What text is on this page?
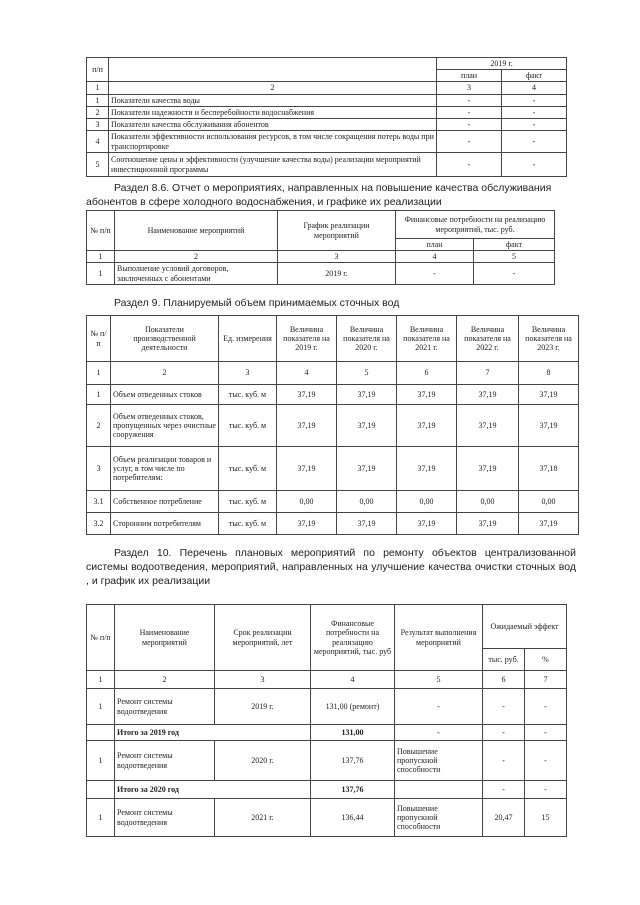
п/п		2019 г.	
		план	факт
1	2	3	4
1	Показатели качества воды	-	-
2	Показатели надежности и бесперебойности водоснабжения	-	-
3	Показатели качества обслуживания абонентов	-	-
4	Показатели эффективности использования ресурсов, в том числе сокращения потерь воды при транспортировке	-	-
5	Соотношение цены и эффективности (улучшение качества воды) реализации мероприятий инвестиционной программы	-	-

Раздел 8.6. Отчет о мероприятиях, направленных на повышение качества обслуживания абонентов в сфере холодного водоснабжения, и графике их реализации

№ п/п	Наименование мероприятий	График реализации мероприятий	Финансовые потребности на реализацию мероприятий, тыс. руб.	
			план	факт
1	2	3	4	5
1	Выполнение условий договоров, заключенных с абонентами	2019 г.	-	-

Раздел 9. Планируемый объем принимаемых сточных вод

№ п/п	Показатели производственной деятельности	Ед. измерения	Величина показателя на 2019 г.	Величина показателя на 2020 г.	Величина показателя на 2021 г.	Величина показателя на 2022 г.	Величина показателя на 2023 г.
1	2	3	4	5	6	7	8
1	Объем отведенных стоков	тыс. куб. м	37,19	37,19	37,19	37,19	37,19
2	Объем отведенных стоков, пропущенных через очистные сооружения	тыс. куб. м	37,19	37,19	37,19	37,19	37,19
3	Объем реализации товаров и услуг, в том числе по потребителям:	тыс. куб. м	37,19	37,19	37,19	37,19	37,18
3.1	Собственное потребление	тыс. куб. м	0,00	0,00	0,00	0,00	0,00
3.2	Сторонним потребителям	тыс. куб. м	37,19	37,19	37,19	37,19	37,19

Раздел 10. Перечень плановых мероприятий по ремонту объектов централизованной системы водоотведения, мероприятий, направленных на улучшение качества очистки сточных вод , и график их реализации

№ п/п	Наименование мероприятий	Срок реализации мероприятий, лет	Финансовые потребности на реализацию мероприятий, тыс. руб	Результат выполнения мероприятий	Ожидаемый эффект	
					тыс. руб.	%
1	2	3	4	5	6	7
1	Ремонт системы водоотведения	2019 г.	131,00 (ремонт)	-	-	-
	Итого за 2019 год		131,00	-	-	-
1	Ремонт системы водоотведения	2020 г.	137,76	Повышение пропускной способности	-	-
	Итого за 2020 год		137,76		-	-
1	Ремонт системы водоотведения	2021 г.	136,44	Повышение пропускной способности	20,47	15
